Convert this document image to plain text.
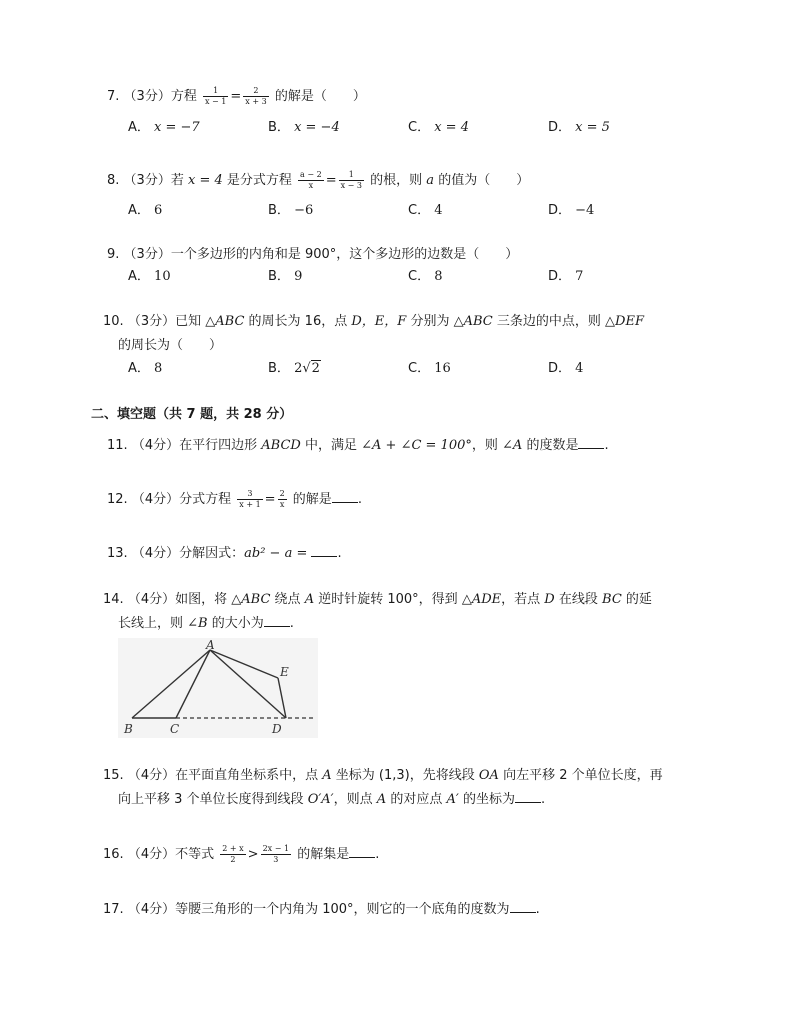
7. （3分）方程 $\frac{1}{x - 1} = \frac{2}{x + 3}$ 的解是（　　）
A． x = −7	B． x = −4	C． x = 4	D． x = 5
8. （3分）若 x = 4 是分式方程 $\frac{a - 2}{x} = \frac{1}{x - 3}$ 的根，则 a 的值为（　　）
A． 6	B． −6	C． 4	D． −4
9. （3分）一个多边形的内角和是 900°，这个多边形的边数是（　　）
A． 10	B． 9	C． 8	D． 7
10. （3分）已知 △ABC 的周长为 16，点 D，E，F 分别为 △ABC 三条边的中点，则 △DEF
的周长为（　　）
A． 8	B． 2√2	C． 16	D． 4
二、填空题（共 7 题，共 28 分）
11. （4分）在平行四边形 ABCD 中，满足 ∠A + ∠C = 100°，则 ∠A 的度数是 .
12. （4分）分式方程 $\frac{3}{x + 1} = \frac{2}{x}$ 的解是 .
13. （4分）分解因式：ab² − a = .
14. （4分）如图，将 △ABC 绕点 A 逆时针旋转 100°，得到 △ADE，若点 D 在线段 BC 的延
长线上，则 ∠B 的大小为 .
A
B	C	D
E
15. （4分）在平面直角坐标系中，点 A 坐标为 (1,3)，先将线段 OA 向左平移 2 个单位长度，再
向上平移 3 个单位长度得到线段 O′A′，则点 A 的对应点 A′ 的坐标为 .
16. （4分）不等式 $\frac{2 + x}{2} > \frac{2x - 1}{3}$ 的解集是 .
17. （4分）等腰三角形的一个内角为 100°，则它的一个底角的度数为 .
